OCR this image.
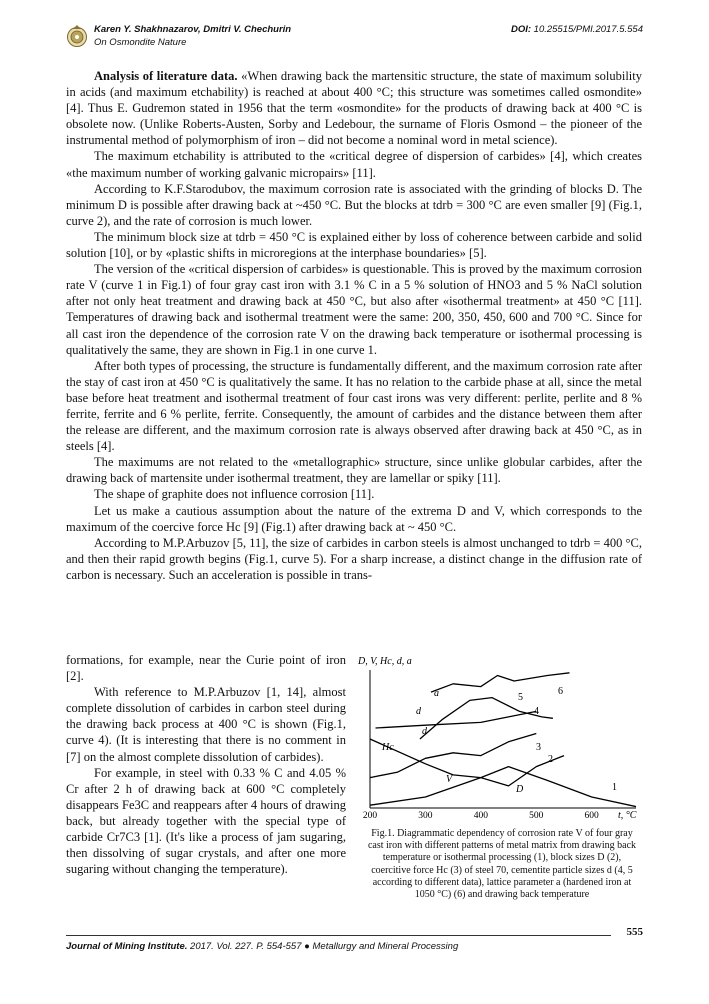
Karen Y. Shakhnazarov, Dmitri V. Chechurin
On Osmondite Nature
DOI: 10.25515/PMI.2017.5.554

Analysis of literature data. «When drawing back the martensitic structure, the state of maximum solubility in acids (and maximum etchability) is reached at about 400 °C; this structure was sometimes called osmondite» [4]. Thus E. Gudremon stated in 1956 that the term «osmondite» for the products of drawing back at 400 °C is obsolete now. (Unlike Roberts-Austen, Sorby and Ledebour, the surname of Floris Osmond – the pioneer of the instrumental method of polymorphism of iron – did not become a nominal word in metal science).

The maximum etchability is attributed to the «critical degree of dispersion of carbides» [4], which creates «the maximum number of working galvanic micropairs» [11].

According to K.F.Starodubov, the maximum corrosion rate is associated with the grinding of blocks D. The minimum D is possible after drawing back at ~450 °C. But the blocks at tdrb = 300 °C are even smaller [9] (Fig.1, curve 2), and the rate of corrosion is much lower.

The minimum block size at tdrb = 450 °C is explained either by loss of coherence between carbide and solid solution [10], or by «plastic shifts in microregions at the interphase boundaries» [5].

The version of the «critical dispersion of carbides» is questionable. This is proved by the maximum corrosion rate V (curve 1 in Fig.1) of four gray cast iron with 3.1 % C in a 5 % solution of HNO3 and 5 % NaCl solution after not only heat treatment and drawing back at 450 °C, but also after «isothermal treatment» at 450 °C [11]. Temperatures of drawing back and isothermal treatment were the same: 200, 350, 450, 600 and 700 °C. Since for all cast iron the dependence of the corrosion rate V on the drawing back temperature or isothermal processing is qualitatively the same, they are shown in Fig.1 in one curve 1.

After both types of processing, the structure is fundamentally different, and the maximum corrosion rate after the stay of cast iron at 450 °C is qualitatively the same. It has no relation to the carbide phase at all, since the metal base before heat treatment and isothermal treatment of four cast irons was very different: perlite, perlite and 8 % ferrite, ferrite and 6 % perlite, ferrite. Consequently, the amount of carbides and the distance between them after the release are different, and the maximum corrosion rate is always observed after drawing back at 450 °C, as in steels [4].

The maximums are not related to the «metallographic» structure, since unlike globular carbides, after the drawing back of martensite under isothermal treatment, they are lamellar or spiky [11].

The shape of graphite does not influence corrosion [11].

Let us make a cautious assumption about the nature of the extrema D and V, which corresponds to the maximum of the coercive force Hc [9] (Fig.1) after drawing back at ~ 450 °C.

According to M.P.Arbuzov [5, 11], the size of carbides in carbon steels is almost unchanged to tdrb = 400 °C, and then their rapid growth begins (Fig.1, curve 5). For a sharp increase, a distinct change in the diffusion rate of carbon is necessary. Such an acceleration is possible in trans-

formations, for example, near the Curie point of iron [2].

With reference to M.P.Arbuzov [1, 14], almost complete dissolution of carbides in carbon steel during the drawing back process at 400 °C is shown (Fig.1, curve 4). (It is interesting that there is no comment in [7] on the almost complete dissolution of carbides).

For example, in steel with 0.33 % C and 4.05 % Cr after 2 h of drawing back at 600 °C completely disappears Fe3C and reappears after 4 hours of drawing back, but already together with the special type of carbide Cr7C3 [1]. (It's like a process of jam sugaring, then dissolving of sugar crystals, and after one more sugaring without changing the temperature).

D, V, Hc, d, a
200	300	400	500	600
a
d
d
Hc
V
D	1
2
3
4
5
6
t, °C
Fig.1. Diagrammatic dependency of corrosion rate V of four gray cast iron with different patterns of metal matrix from drawing back temperature or isothermal processing (1), block sizes D (2), coercitive force Hc (3) of steel 70, cementite particle sizes d (4, 5 according to different data), lattice parameter a (hardened iron at 1050 °C) (6) and drawing back temperature
555
Journal of Mining Institute. 2017. Vol. 227. P. 554-557 ● Metallurgy and Mineral Processing
